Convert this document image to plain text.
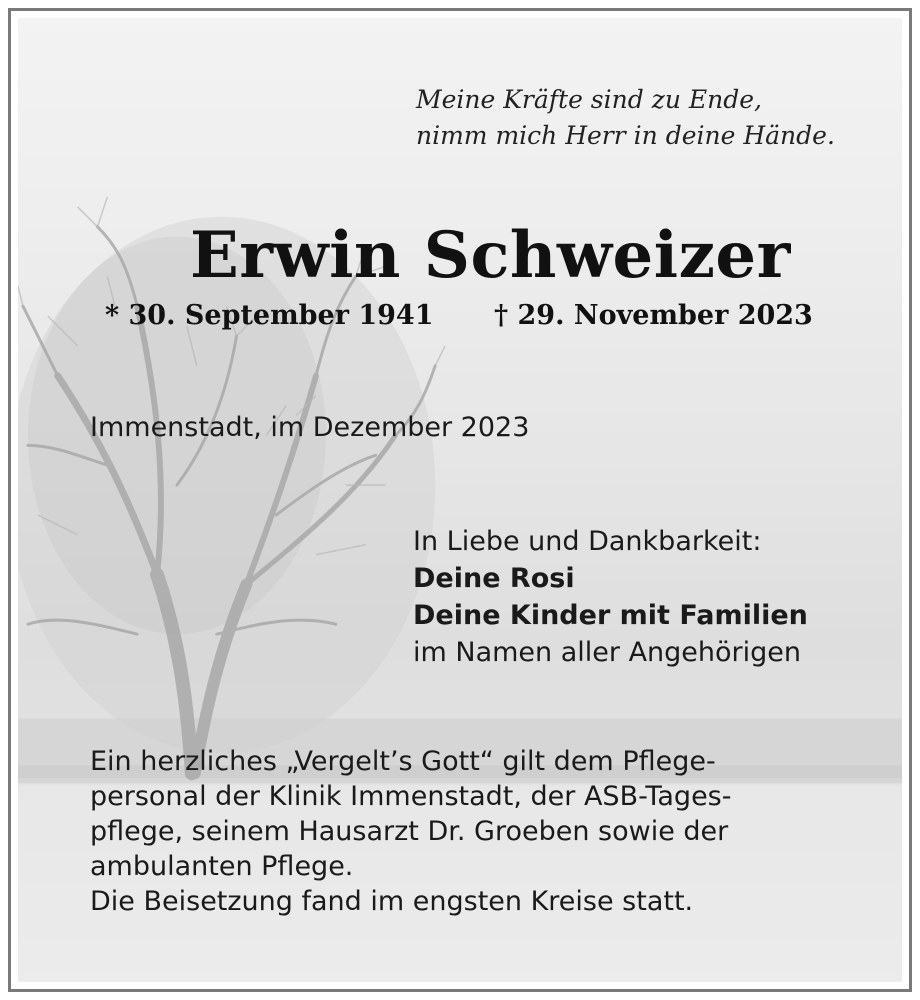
Meine Kräfte sind zu Ende,
nimm mich Herr in deine Hände.
Erwin Schweizer
* 30. September 1941 † 29. November 2023
Immenstadt, im Dezember 2023
In Liebe und Dankbarkeit:
Deine Rosi
Deine Kinder mit Familien
im Namen aller Angehörigen
Ein herzliches „Vergelt’s Gott“ gilt dem Pflege-
personal der Klinik Immenstadt, der ASB-Tages-
pflege, seinem Hausarzt Dr. Groeben sowie der
ambulanten Pflege.
Die Beisetzung fand im engsten Kreise statt.
